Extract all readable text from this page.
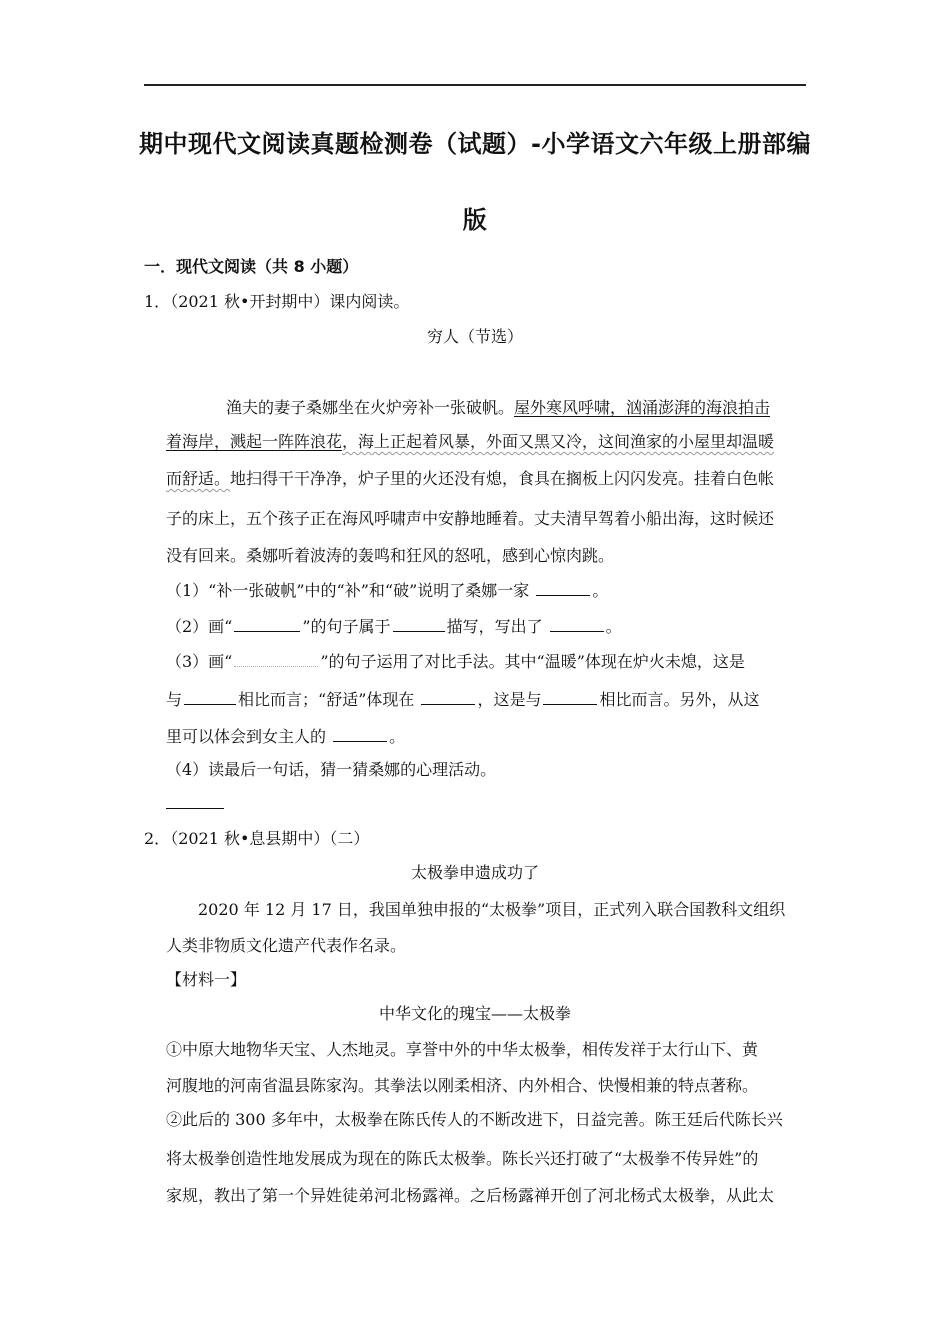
期中现代文阅读真题检测卷（试题）-小学语文六年级上册部编
版
一．现代文阅读（共 8 小题）
1．（2021 秋•开封期中）课内阅读。
穷人（节选）
渔夫的妻子桑娜坐在火炉旁补一张破帆。屋外寒风呼啸，汹涌澎湃的海浪拍击
着海岸，溅起一阵阵浪花，海上正起着风暴，外面又黑又冷，这间渔家的小屋里却温暖
而舒适。地扫得干干净净，炉子里的火还没有熄，食具在搁板上闪闪发亮。挂着白色帐
子的床上，五个孩子正在海风呼啸声中安静地睡着。丈夫清早驾着小船出海，这时候还
没有回来。桑娜听着波涛的轰鸣和狂风的怒吼，感到心惊肉跳。
（1）“补一张破帆”中的“补”和“破”说明了桑娜一家	。
（2）画“	”的句子属于	描写，写出了	。
（3）画“	”的句子运用了对比手法。其中“温暖”体现在炉火未熄，这是
与	相比而言；“舒适”体现在	，这是与	相比而言。另外，从这
里可以体会到女主人的	。
（4）读最后一句话，猜一猜桑娜的心理活动。
2．（2021 秋•息县期中）（二）
太极拳申遗成功了
2020 年 12 月 17 日，我国单独申报的“太极拳”项目，正式列入联合国教科文组织
人类非物质文化遗产代表作名录。
【材料一】
中华文化的瑰宝——太极拳
①中原大地物华天宝、人杰地灵。享誉中外的中华太极拳，相传发祥于太行山下、黄
河腹地的河南省温县陈家沟。其拳法以刚柔相济、内外相合、快慢相兼的特点著称。
②此后的 300 多年中，太极拳在陈氏传人的不断改进下，日益完善。陈王廷后代陈长兴
将太极拳创造性地发展成为现在的陈氏太极拳。陈长兴还打破了“太极拳不传异姓”的
家规，教出了第一个异姓徒弟河北杨露禅。之后杨露禅开创了河北杨式太极拳，从此太
